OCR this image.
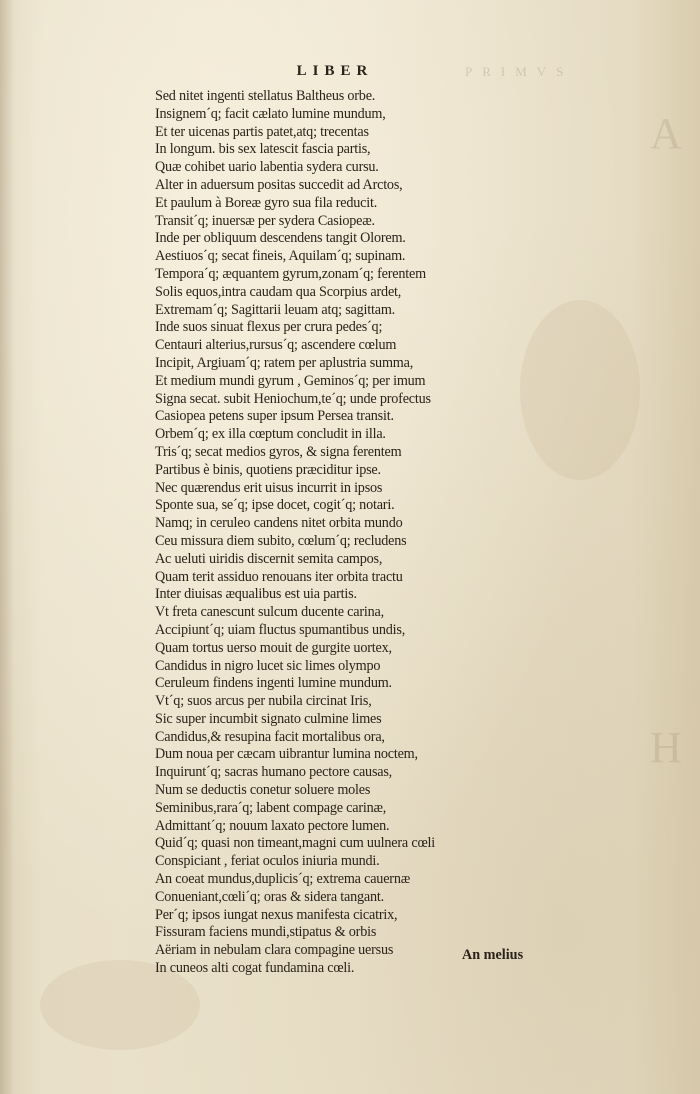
PRIMVS
A
H
LIBER
Sed nitet ingenti stellatus Baltheus orbe.
Insignem´q; facit cælato lumine mundum,
Et ter uicenas partis patet,atq; trecentas
In longum. bis sex latescit fascia partis,
Quæ cohibet uario labentia sydera cursu.
Alter in aduersum positas succedit ad Arctos,
Et paulum à Boreæ gyro sua fila reducit.
Transit´q; inuersæ per sydera Casiopeæ.
Inde per obliquum descendens tangit Olorem.
Aestiuos´q; secat fineis, Aquilam´q; supinam.
Tempora´q; æquantem gyrum,zonam´q; ferentem
Solis equos,intra caudam qua Scorpius ardet,
Extremam´q; Sagittarii leuam atq; sagittam.
Inde suos sinuat flexus per crura pedes´q;
Centauri alterius,rursus´q; ascendere cœlum
Incipit, Argiuam´q; ratem per aplustria summa,
Et medium mundi gyrum , Geminos´q; per imum
Signa secat. subit Heniochum,te´q; unde profectus
Casiopea petens super ipsum Persea transit.
Orbem´q; ex illa cœptum concludit in illa.
Tris´q; secat medios gyros, & signa ferentem
Partibus è binis, quotiens præciditur ipse.
Nec quærendus erit uisus incurrit in ipsos
Sponte sua, se´q; ipse docet, cogit´q; notari.
Namq; in ceruleo candens nitet orbita mundo
Ceu missura diem subito, cœlum´q; recludens
Ac ueluti uiridis discernit semita campos,
Quam terit assiduo renouans iter orbita tractu
Inter diuisas æqualibus est uia partis.
Vt freta canescunt sulcum ducente carina,
Accipiunt´q; uiam fluctus spumantibus undis,
Quam tortus uerso mouit de gurgite uortex,
Candidus in nigro lucet sic limes olympo
Ceruleum findens ingenti lumine mundum.
Vt´q; suos arcus per nubila circinat Iris,
Sic super incumbit signato culmine limes
Candidus,& resupina facit mortalibus ora,
Dum noua per cæcam uibrantur lumina noctem,
Inquirunt´q; sacras humano pectore causas,
Num se deductis conetur soluere moles
Seminibus,rara´q; labent compage carinæ,
Admittant´q; nouum laxato pectore lumen.
Quid´q; quasi non timeant,magni cum uulnera cœli
Conspiciant , feriat oculos iniuria mundi.
An coeat mundus,duplicis´q; extrema cauernæ
Conueniant,cœli´q; oras & sidera tangant.
Per´q; ipsos iungat nexus manifesta cicatrix,
Fissuram faciens mundi,stipatus & orbis
Aëriam in nebulam clara compagine uersus
In cuneos alti cogat fundamina cœli.
An melius
